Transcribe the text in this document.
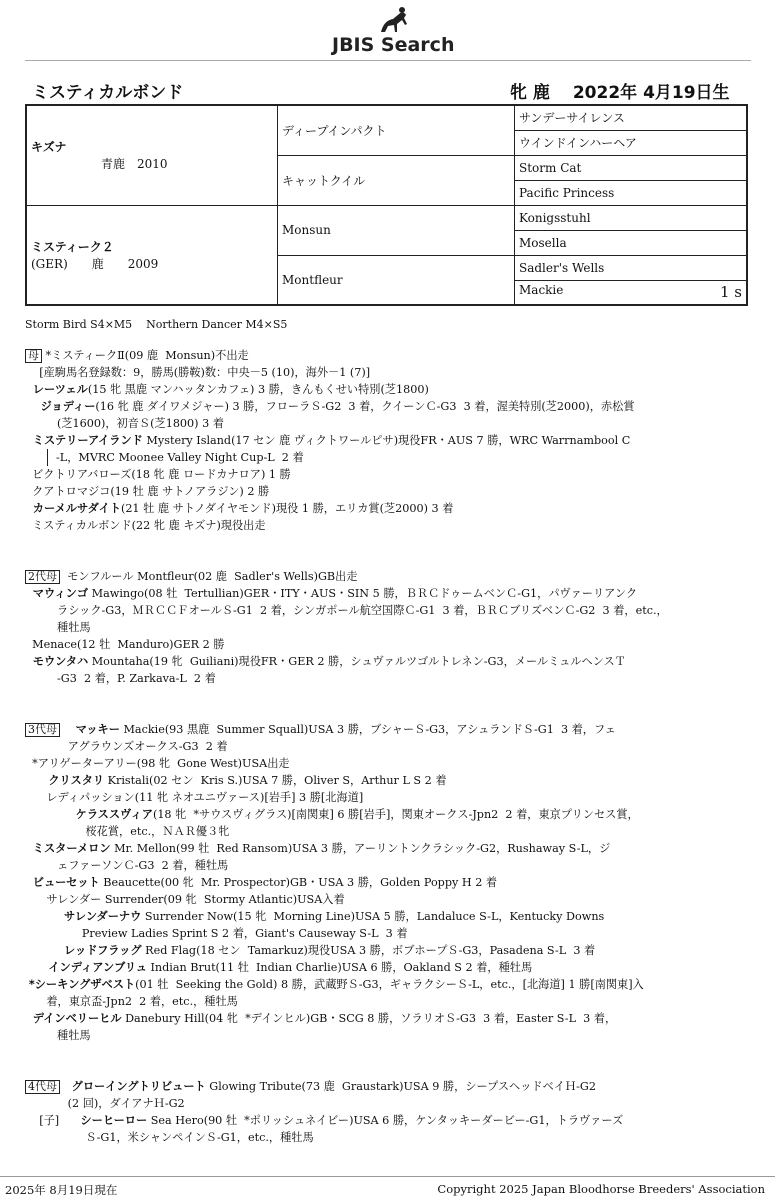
JBIS Search
ミスティカルボンド	牝 鹿　 2022年 4月19日生
キズナ
青鹿　2010	ディープインパクト	サンデーサイレンス
		ウインドインハーヘア
	キャットクイル	Storm Cat
		Pacific Princess

ミスティーク２
(GER)　　鹿　　2009	Monsun	Konigsstuhl
		Mosella
	Montfleur	Sadler's Wells
		Mackie 1 s
Storm Bird S4×M5    Northern Dancer M4×S5
母 *ミスティークⅡ(09 鹿  Monsun)不出走
[産駒馬名登録数：9，勝馬(勝鞍)数：中央－5 (10)，海外－1 (7)]
レーツェル(15 牝 黒鹿 マンハッタンカフェ) 3 勝，きんもくせい特別(芝1800)
ジョディー(16 牝 鹿 ダイワメジャー) 3 勝，フローラＳ-G2  3 着，クイーンＣ-G3  3 着，渥美特別(芝2000)，赤松賞
(芝1600)，初音Ｓ(芝1800) 3 着
ミステリーアイランド Mystery Island(17 セン 鹿 ヴィクトワールピサ)現役FR・AUS 7 勝，WRC Warrnambool C
-L，MVRC Moonee Valley Night Cup-L  2 着
ビクトリアバローズ(18 牝 鹿 ロードカナロア) 1 勝
クアトロマジコ(19 牡 鹿 サトノアラジン) 2 勝
カーメルサダイト(21 牡 鹿 サトノダイヤモンド)現役 1 勝，エリカ賞(芝2000) 3 着
ミスティカルボンド(22 牝 鹿 キズナ)現役出走
2代母  モンフルール Montfleur(02 鹿  Sadler's Wells)GB出走
マウィンゴ Mawingo(08 牡  Tertullian)GER・ITY・AUS・SIN 5 勝，ＢＲＣドゥームベンＣ-G1，パヴァーリアンク
ラシック-G3，ＭＲＣＣＦオールＳ-G1  2 着，シンガポール航空国際Ｃ-G1  3 着，ＢＲＣブリズベンＣ-G2  3 着，etc.，
種牡馬
Menace(12 牡  Manduro)GER 2 勝
モウンタハ Mountaha(19 牝  Guiliani)現役FR・GER 2 勝，シュヴァルツゴルトレネン-G3，メールミュルヘンスＴ
-G3  2 着，P. Zarkava-L  2 着
3代母    マッキー Mackie(93 黒鹿  Summer Squall)USA 3 勝，ブシャーＳ-G3，アシュランドＳ-G1  3 着，フェ
アグラウンズオークス-G3  2 着
*アリゲーターアリー(98 牝  Gone West)USA出走
クリスタリ Kristali(02 セン  Kris S.)USA 7 勝，Oliver S，Arthur L S 2 着
レディパッション(11 牝 ネオユニヴァース)[岩手] 3 勝[北海道]
ケラススヴィア(18 牝  *サウスヴィグラス)[南関東] 6 勝[岩手]，関東オークス-Jpn2  2 着，東京プリンセス賞，
桜花賞，etc.，ＮＡＲ優３牝
ミスターメロン Mr. Mellon(99 牡  Red Ransom)USA 3 勝，アーリントンクラシック-G2，Rushaway S-L，ジ
ェファーソンＣ-G3  2 着，種牡馬
ビューセット Beaucette(00 牝  Mr. Prospector)GB・USA 3 勝，Golden Poppy H 2 着
サレンダー Surrender(09 牝  Stormy Atlantic)USA入着
サレンダーナウ Surrender Now(15 牝  Morning Line)USA 5 勝，Landaluce S-L，Kentucky Downs
Preview Ladies Sprint S 2 着，Giant's Causeway S-L  3 着
レッドフラッグ Red Flag(18 セン  Tamarkuz)現役USA 3 勝，ボブホープＳ-G3，Pasadena S-L  3 着
インディアンブリュ Indian Brut(11 牡  Indian Charlie)USA 6 勝，Oakland S 2 着，種牡馬
*シーキングザベスト(01 牡  Seeking the Gold) 8 勝，武蔵野Ｓ-G3，ギャラクシーＳ-L，etc.，[北海道] 1 勝[南関東]入
着，東京盃-Jpn2  2 着，etc.，種牡馬
デインベリーヒル Danebury Hill(04 牝  *デインヒル)GB・SCG 8 勝，ソラリオＳ-G3  3 着，Easter S-L  3 着，
種牡馬
4代母   グローイングトリビュート Glowing Tribute(73 鹿  Graustark)USA 9 勝，シープスヘッドベイＨ-G2
(2 回)，ダイアナＨ-G2
[子]      シーヒーロー Sea Hero(90 牡  *ポリッシュネイビー)USA 6 勝，ケンタッキーダービー-G1，トラヴァーズ
Ｓ-G1，米シャンペインＳ-G1，etc.，種牡馬
2025年 8月19日現在	Copyright 2025 Japan Bloodhorse Breeders' Association
